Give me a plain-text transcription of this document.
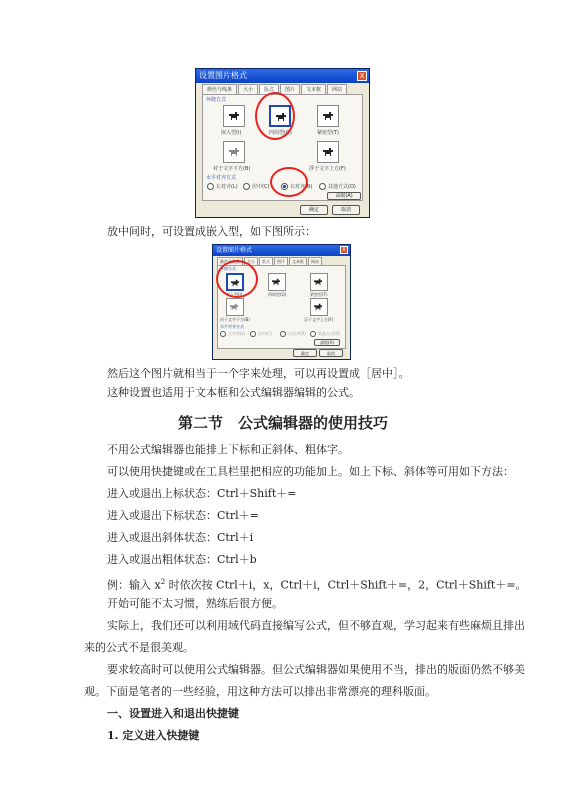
设置图片格式	X
颜色与线条	大小	版式	图片	文本框	网站
环绕方式
嵌入型(I)	四周型(Q)	紧密型(T)
衬于文字下方(B)	浮于文字上方(F)
水平对齐方式
左对齐(L)	居中(C)	右对齐(R)	其他方式(O)
高级(A)
确定	取消
放中间时，可设置成嵌入型，如下图所示：
设置图片格式	X
颜色与线条	大小	版式	图片	文本框	网站
环绕方式
嵌入型(I)	四周型(Q)	紧密型(T)
衬于文字下方(B)	浮于文字上方(F)
水平对齐方式
左对齐(L)	居中(C)	右对齐(R)	其他方式(O)
高级(A)
确定	取消
然后这个图片就相当于一个字来处理，可以再设置成［居中］。
这种设置也适用于文本框和公式编辑器编辑的公式。
第二节　公式编辑器的使用技巧
不用公式编辑器也能排上下标和正斜体、粗体字。
可以使用快捷键或在工具栏里把相应的功能加上。如上下标、斜体等可用如下方法：
进入或退出上标状态：Ctrl＋Shift＋=
进入或退出下标状态：Ctrl＋=
进入或退出斜体状态：Ctrl＋i
进入或退出粗体状态：Ctrl＋b
例：输入 $x^2$ 时依次按 Ctrl＋i，x，Ctrl＋i，Ctrl＋Shift＋=，2，Ctrl＋Shift＋=。
开始可能不太习惯，熟练后很方便。
实际上，我们还可以利用域代码直接编写公式，但不够直观，学习起来有些麻烦且排出
来的公式不是很美观。
要求较高时可以使用公式编辑器。但公式编辑器如果使用不当，排出的版面仍然不够美
观。下面是笔者的一些经验，用这种方法可以排出非常漂亮的理科版面。
一、设置进入和退出快捷键
1. 定义进入快捷键
